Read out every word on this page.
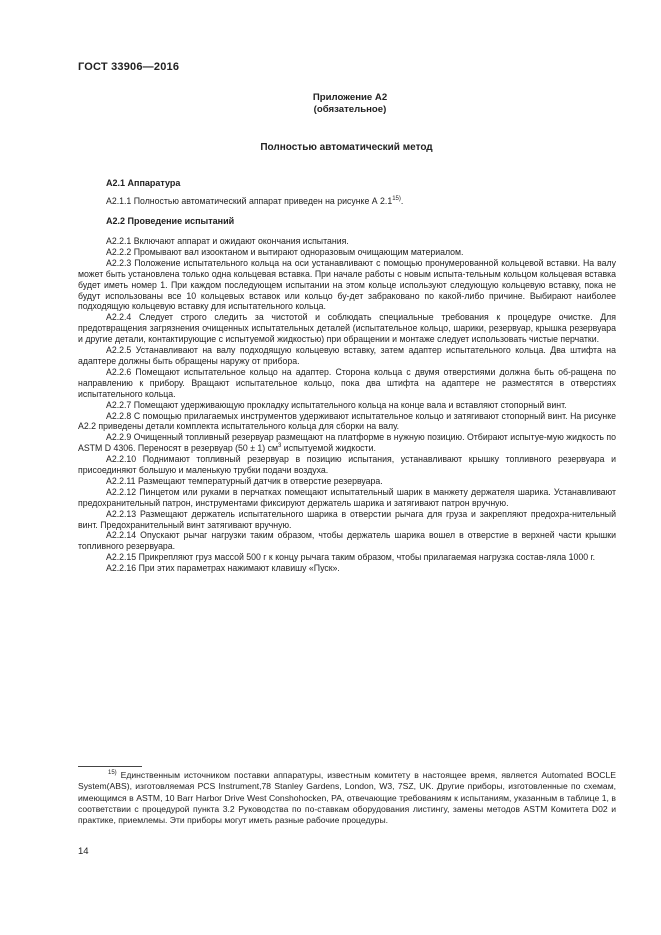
ГОСТ 33906—2016
Приложение А2
(обязательное)
Полностью автоматический метод

А2.1 Аппаратура

А2.1.1 Полностью автоматический аппарат приведен на рисунке А 2.1$^{15)}$.

А2.2 Проведение испытаний

А2.2.1 Включают аппарат и ожидают окончания испытания.

А2.2.2 Промывают вал изооктаном и вытирают одноразовым очищающим материалом.

А2.2.3 Положение испытательного кольца на оси устанавливают с помощью пронумерованной кольцевой вставки. На валу может быть установлена только одна кольцевая вставка. При начале работы с новым испыта-тельным кольцом кольцевая вставка будет иметь номер 1. При каждом последующем испытании на этом кольце используют следующую кольцевую вставку, пока не будут использованы все 10 кольцевых вставок или кольцо бу-дет забраковано по какой-либо причине. Выбирают наиболее подходящую кольцевую вставку для испытательного кольца.

А2.2.4 Следует строго следить за чистотой и соблюдать специальные требования к процедуре очистке. Для предотвращения загрязнения очищенных испытательных деталей (испытательное кольцо, шарики, резервуар, крышка резервуара и другие детали, контактирующие с испытуемой жидкостью) при обращении и монтаже следует использовать чистые перчатки.

А2.2.5 Устанавливают на валу подходящую кольцевую вставку, затем адаптер испытательного кольца. Два штифта на адаптере должны быть обращены наружу от прибора.

А2.2.6 Помещают испытательное кольцо на адаптер. Сторона кольца с двумя отверстиями должна быть об-ращена по направлению к прибору. Вращают испытательное кольцо, пока два штифта на адаптере не разместятся в отверстиях испытательного кольца.

А2.2.7 Помещают удерживающую прокладку испытательного кольца на конце вала и вставляют стопорный винт.

А2.2.8 С помощью прилагаемых инструментов удерживают испытательное кольцо и затягивают стопорный винт. На рисунке А2.2 приведены детали комплекта испытательного кольца для сборки на валу.

А2.2.9 Очищенный топливный резервуар размещают на платформе в нужную позицию. Отбирают испытуе-мую жидкость по ASTM D 4306. Переносят в резервуар (50 ± 1) $см^3$ испытуемой жидкости.

А2.2.10 Поднимают топливный резервуар в позицию испытания, устанавливают крышку топливного резервуара и присоединяют большую и маленькую трубки подачи воздуха.

А2.2.11 Размещают температурный датчик в отверстие резервуара.

А2.2.12 Пинцетом или руками в перчатках помещают испытательный шарик в манжету держателя шарика. Устанавливают предохранительный патрон, инструментами фиксируют держатель шарика и затягивают патрон вручную.

А2.2.13 Размещают держатель испытательного шарика в отверстии рычага для груза и закрепляют предохра-нительный винт. Предохранительный винт затягивают вручную.

А2.2.14 Опускают рычаг нагрузки таким образом, чтобы держатель шарика вошел в отверстие в верхней части крышки топливного резервуара.

А2.2.15 Прикрепляют груз массой 500 г к концу рычага таким образом, чтобы прилагаемая нагрузка состав-ляла 1000 г.

А2.2.16 При этих параметрах нажимают клавишу «Пуск».

$^{15)}$ Единственным источником поставки аппаратуры, известным комитету в настоящее время, является Automated BOCLE System(ABS), изготовляемая PCS Instrument,78 Stanley Gardens, London, W3, 7SZ, UK. Другие приборы, изготовленные по схемам, имеющимся в ASTM, 10 Barr Harbor Drive West Conshohocken, PA, отвечающие требованиям к испытаниям, указанным в таблице 1, в соответствии с процедурой пункта 3.2 Руководства по по-ставкам оборудования листингу, замены методов ASTM Комитета D02 и практике, приемлемы. Эти приборы могут иметь разные рабочие процедуры.
14
